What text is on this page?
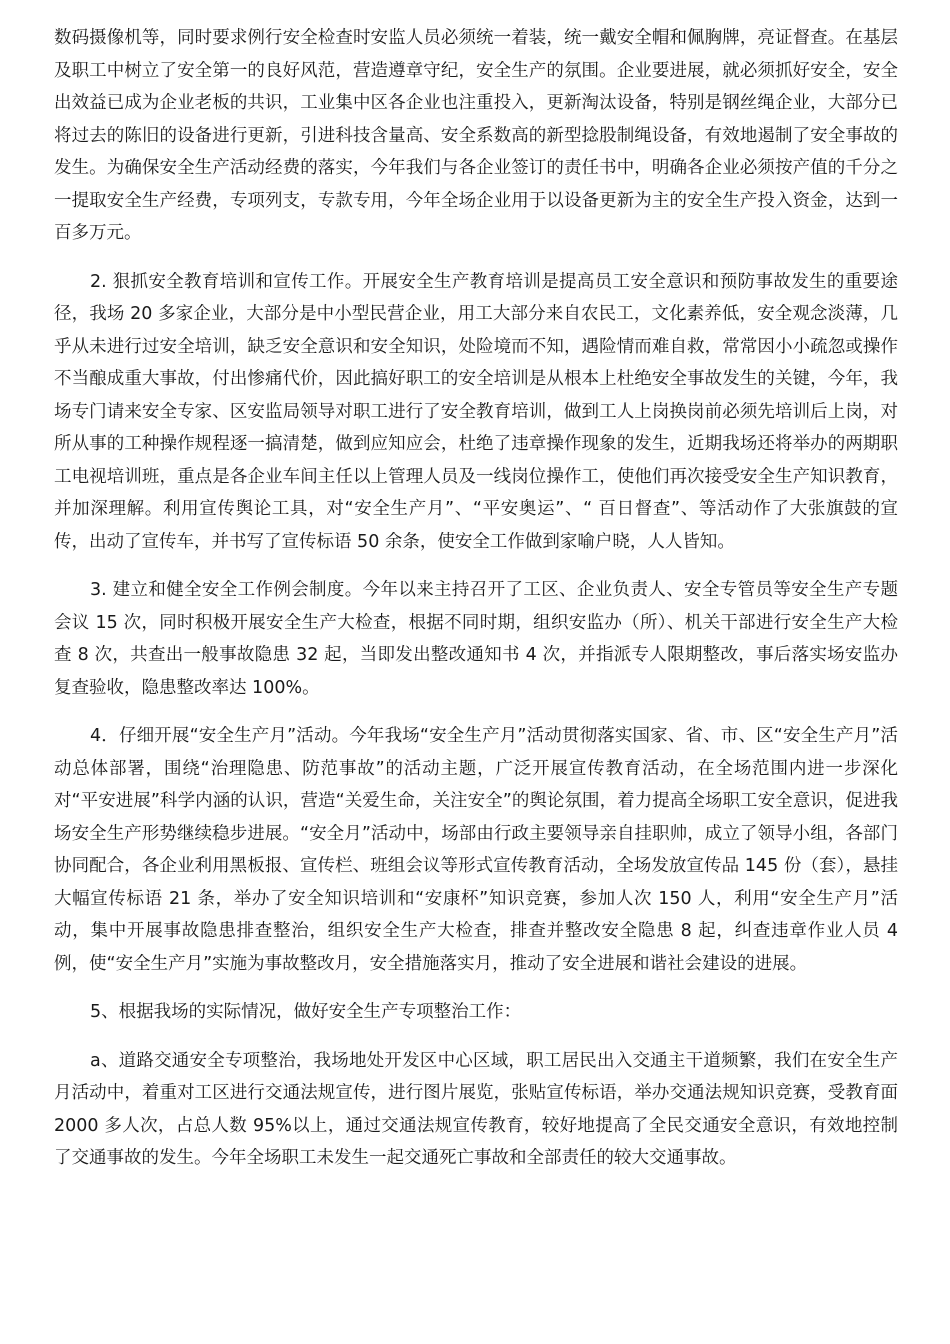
数码摄像机等，同时要求例行安全检查时安监人员必须统一着装，统一戴安全帽和佩胸牌，亮证督查。在基层及职工中树立了安全第一的良好风范，营造遵章守纪，安全生产的氛围。企业要进展，就必须抓好安全，安全出效益已成为企业老板的共识，工业集中区各企业也注重投入，更新淘汰设备，特别是钢丝绳企业，大部分已将过去的陈旧的设备进行更新，引进科技含量高、安全系数高的新型捻股制绳设备，有效地遏制了安全事故的发生。为确保安全生产活动经费的落实，今年我们与各企业签订的责任书中，明确各企业必须按产值的千分之一提取安全生产经费，专项列支，专款专用，今年全场企业用于以设备更新为主的安全生产投入资金，达到一百多万元。

2. 狠抓安全教育培训和宣传工作。开展安全生产教育培训是提高员工安全意识和预防事故发生的重要途径，我场 20 多家企业，大部分是中小型民营企业，用工大部分来自农民工，文化素养低，安全观念淡薄，几乎从未进行过安全培训，缺乏安全意识和安全知识，处险境而不知，遇险情而难自救，常常因小小疏忽或操作不当酿成重大事故，付出惨痛代价，因此搞好职工的安全培训是从根本上杜绝安全事故发生的关键，今年，我场专门请来安全专家、区安监局领导对职工进行了安全教育培训，做到工人上岗换岗前必须先培训后上岗，对所从事的工种操作规程逐一搞清楚，做到应知应会，杜绝了违章操作现象的发生，近期我场还将举办的两期职工电视培训班，重点是各企业车间主任以上管理人员及一线岗位操作工，使他们再次接受安全生产知识教育，并加深理解。利用宣传舆论工具，对“安全生产月”、“平安奥运”、“ 百日督查”、等活动作了大张旗鼓的宣传，出动了宣传车，并书写了宣传标语 50 余条，使安全工作做到家喻户晓，人人皆知。

3. 建立和健全安全工作例会制度。今年以来主持召开了工区、企业负责人、安全专管员等安全生产专题会议 15 次，同时积极开展安全生产大检查，根据不同时期，组织安监办（所）、机关干部进行安全生产大检查 8 次，共查出一般事故隐患 32 起，当即发出整改通知书 4 次，并指派专人限期整改，事后落实场安监办复查验收，隐患整改率达 100%。

4．仔细开展“安全生产月”活动。今年我场“安全生产月”活动贯彻落实国家、省、市、区“安全生产月”活动总体部署，围绕“治理隐患、防范事故”的活动主题，广泛开展宣传教育活动，在全场范围内进一步深化对“平安进展”科学内涵的认识，营造“关爱生命，关注安全”的舆论氛围，着力提高全场职工安全意识，促进我场安全生产形势继续稳步进展。“安全月”活动中，场部由行政主要领导亲自挂职帅，成立了领导小组，各部门协同配合，各企业利用黑板报、宣传栏、班组会议等形式宣传教育活动，全场发放宣传品 145 份（套），悬挂大幅宣传标语 21 条，举办了安全知识培训和“安康杯”知识竞赛，参加人次 150 人，利用“安全生产月”活动，集中开展事故隐患排查整治，组织安全生产大检查，排查并整改安全隐患 8 起，纠查违章作业人员 4 例，使“安全生产月”实施为事故整改月，安全措施落实月，推动了安全进展和谐社会建设的进展。

5、根据我场的实际情况，做好安全生产专项整治工作：

a、道路交通安全专项整治，我场地处开发区中心区域，职工居民出入交通主干道频繁，我们在安全生产月活动中，着重对工区进行交通法规宣传，进行图片展览，张贴宣传标语，举办交通法规知识竞赛，受教育面 2000 多人次，占总人数 95%以上，通过交通法规宣传教育，较好地提高了全民交通安全意识，有效地控制了交通事故的发生。今年全场职工未发生一起交通死亡事故和全部责任的较大交通事故。
